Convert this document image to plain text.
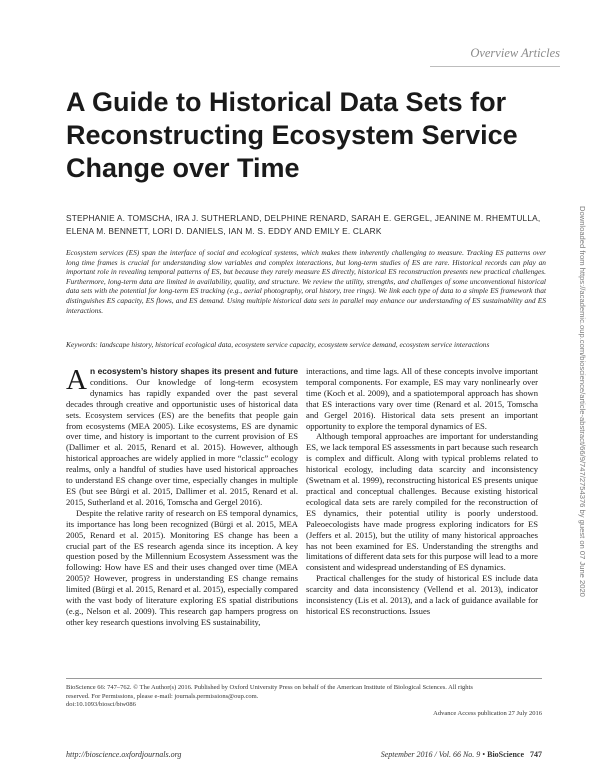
Overview Articles
A Guide to Historical Data Sets for
Reconstructing Ecosystem Service
Change over Time
STEPHANIE A. TOMSCHA, IRA J. SUTHERLAND, DELPHINE RENARD, SARAH E. GERGEL, JEANINE M. RHEMTULLA,
ELENA M. BENNETT, LORI D. DANIELS, IAN M. S. EDDY AND EMILY E. CLARK

Ecosystem services (ES) span the interface of social and ecological systems, which makes them inherently challenging to measure. Tracking ES patterns over long time frames is crucial for understanding slow variables and complex interactions, but long-term studies of ES are rare. Historical records can play an important role in revealing temporal patterns of ES, but because they rarely measure ES directly, historical ES reconstruction presents new practical challenges. Furthermore, long-term data are limited in availability, quality, and structure. We review the utility, strengths, and challenges of some unconventional historical data sets with the potential for long-term ES tracking (e.g., aerial photography, oral history, tree rings). We link each type of data to a simple ES framework that distinguishes ES capacity, ES flows, and ES demand. Using multiple historical data sets in parallel may enhance our understanding of ES sustainability and ES interactions.

Keywords: landscape history, historical ecological data, ecosystem service capacity, ecosystem service demand, ecosystem service interactions

An ecosystem’s history shapes its present and future conditions. Our knowledge of long-term ecosystem dynamics has rapidly expanded over the past several decades through creative and opportunistic uses of historical data sets. Ecosystem services (ES) are the benefits that people gain from ecosystems (MEA 2005). Like ecosystems, ES are dynamic over time, and history is important to the current provision of ES (Dallimer et al. 2015, Renard et al. 2015). However, although historical approaches are widely applied in more “classic” ecology realms, only a handful of studies have used historical approaches to understand ES change over time, especially changes in multiple ES (but see Bürgi et al. 2015, Dallimer et al. 2015, Renard et al. 2015, Sutherland et al. 2016, Tomscha and Gergel 2016).

Despite the relative rarity of research on ES temporal dynamics, its importance has long been recognized (Bürgi et al. 2015, MEA 2005, Renard et al. 2015). Monitoring ES change has been a crucial part of the ES research agenda since its inception. A key question posed by the Millennium Ecosystem Assessment was the following: How have ES and their uses changed over time (MEA 2005)? However, progress in understanding ES change remains limited (Bürgi et al. 2015, Renard et al. 2015), especially compared with the vast body of literature exploring ES spatial distributions (e.g., Nelson et al. 2009). This research gap hampers progress on other key research questions involving ES sustainability,

interactions, and time lags. All of these concepts involve important temporal components. For example, ES may vary nonlinearly over time (Koch et al. 2009), and a spatiotemporal approach has shown that ES interactions vary over time (Renard et al. 2015, Tomscha and Gergel 2016). Historical data sets present an important opportunity to explore the temporal dynamics of ES.

Although temporal approaches are important for understanding ES, we lack temporal ES assessments in part because such research is complex and difficult. Along with typical problems related to historical ecology, including data scarcity and inconsistency (Swetnam et al. 1999), reconstructing historical ES presents unique practical and conceptual challenges. Because existing historical ecological data sets are rarely compiled for the reconstruction of ES dynamics, their potential utility is poorly understood. Paleoecologists have made progress exploring indicators for ES (Jeffers et al. 2015), but the utility of many historical approaches has not been examined for ES. Understanding the strengths and limitations of different data sets for this purpose will lead to a more consistent and widespread understanding of ES dynamics.

Practical challenges for the study of historical ES include data scarcity and data inconsistency (Vellend et al. 2013), indicator inconsistency (Lis et al. 2013), and a lack of guidance available for historical ES reconstructions. Issues

BioScience 66: 747–762. © The Author(s) 2016. Published by Oxford University Press on behalf of the American Institute of Biological Sciences. All rights
reserved. For Permissions, please e-mail: journals.permissions@oup.com.
doi:10.1093/biosci/biw086
Advance Access publication 27 July 2016
http://bioscience.oxfordjournals.org	September 2016 / Vol. 66 No. 9 • BioScience 747
Downloaded from https://academic.oup.com/bioscience/article-abstract/66/9/747/2754376 by guest on 07 June 2020
